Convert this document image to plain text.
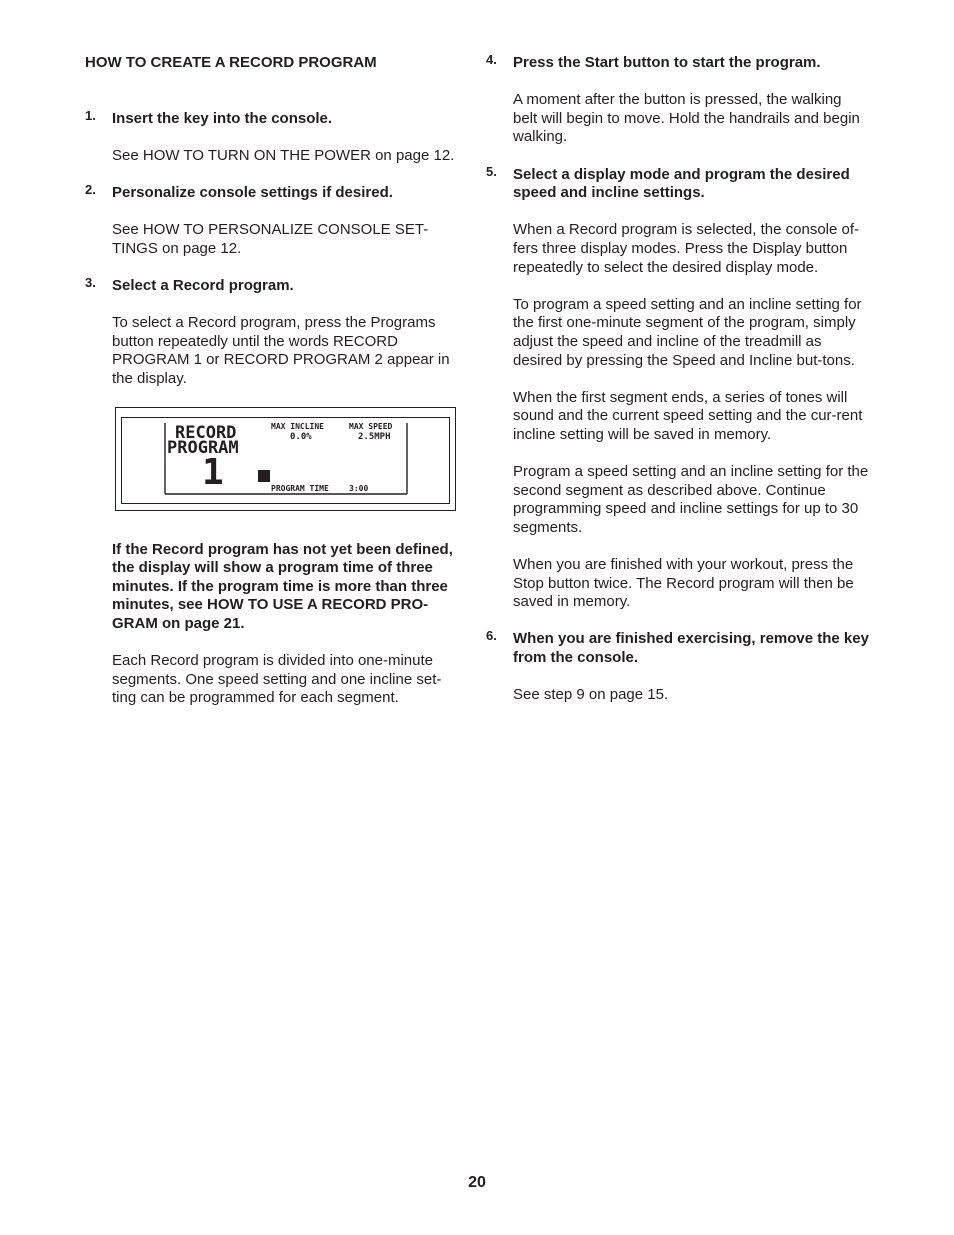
HOW TO CREATE A RECORD PROGRAM
1. Insert the key into the console.

See HOW TO TURN ON THE POWER on page 12.

2. Personalize console settings if desired.

See HOW TO PERSONALIZE CONSOLE SET-TINGS on page 12.

3. Select a Record program.

To select a Record program, press the Programs button repeatedly until the words RECORD PROGRAM 1 or RECORD PROGRAM 2 appear in the display.

RECORD
PROGRAM
1
MAX INCLINE
0.0%
MAX SPEED
2.5MPH
PROGRAM TIME	3:00

If the Record program has not yet been defined, the display will show a program time of three minutes. If the program time is more than three minutes, see HOW TO USE A RECORD PRO-GRAM on page 21.

Each Record program is divided into one-minute segments. One speed setting and one incline set-ting can be programmed for each segment.

4. Press the Start button to start the program.

A moment after the button is pressed, the walking belt will begin to move. Hold the handrails and begin walking.

5. Select a display mode and program the desired speed and incline settings.

When a Record program is selected, the console of-fers three display modes. Press the Display button repeatedly to select the desired display mode.

To program a speed setting and an incline setting for the first one-minute segment of the program, simply adjust the speed and incline of the treadmill as desired by pressing the Speed and Incline but-tons.

When the first segment ends, a series of tones will sound and the current speed setting and the cur-rent incline setting will be saved in memory.

Program a speed setting and an incline setting for the second segment as described above. Continue programming speed and incline settings for up to 30 segments.

When you are finished with your workout, press the Stop button twice. The Record program will then be saved in memory.

6. When you are finished exercising, remove the key from the console.

See step 9 on page 15.

20
